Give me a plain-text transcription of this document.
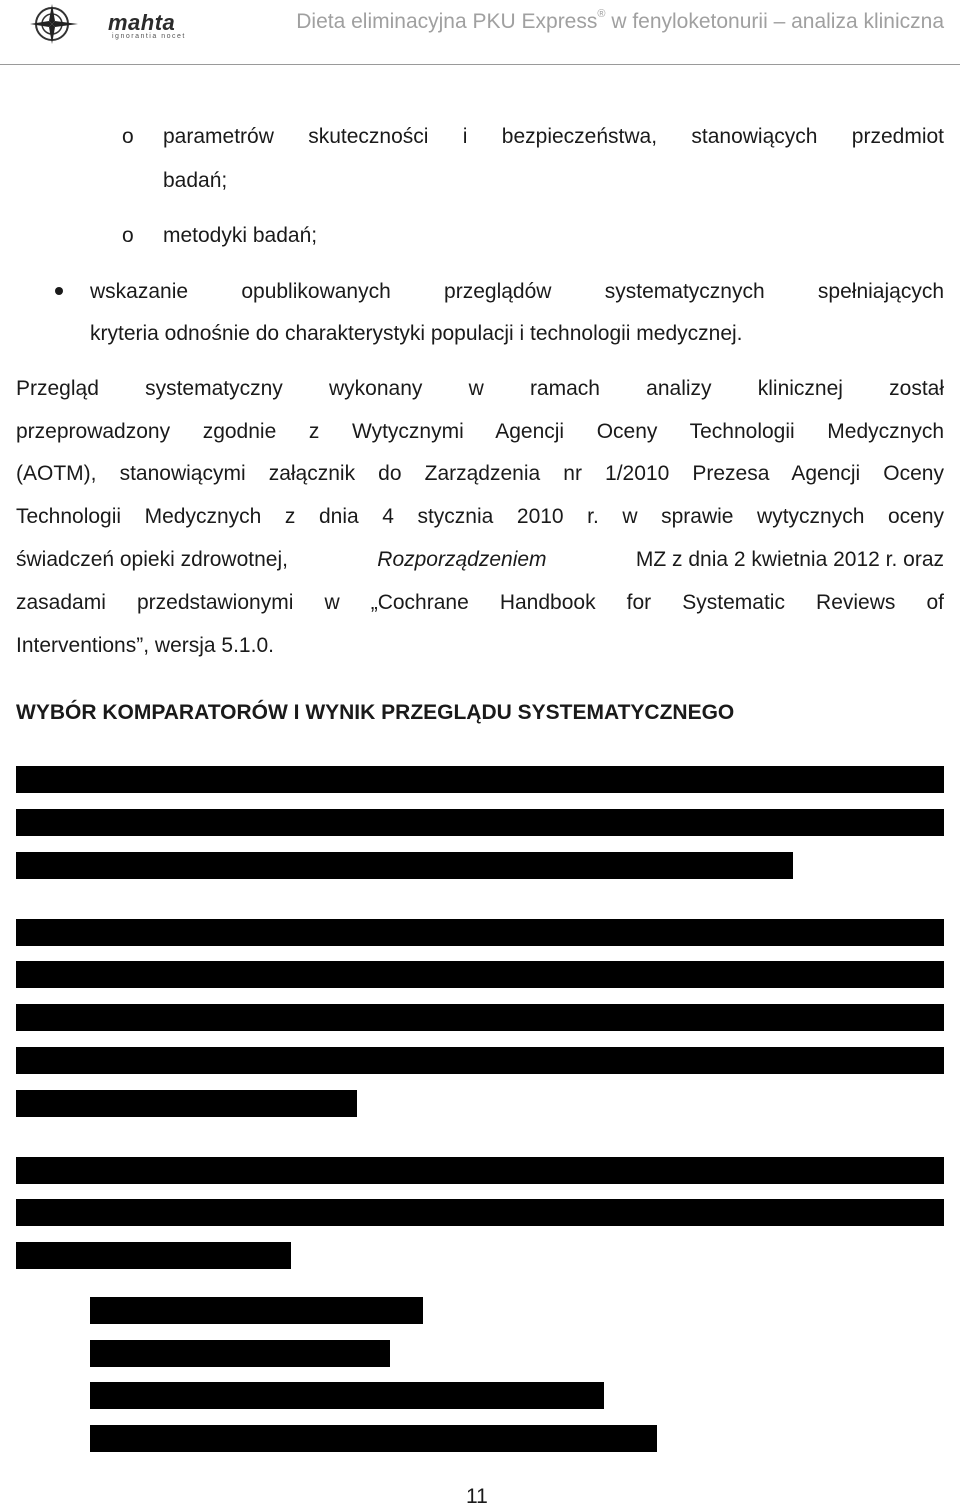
mahta
ignorantia nocet
Dieta eliminacyjna PKU Express® w fenyloketonurii – analiza kliniczna
o parametrów skuteczności i bezpieczeństwa, stanowiących przedmiot
badań;
o metodyki badań;
wskazanie opublikowanych przeglądów systematycznych spełniających
kryteria odnośnie do charakterystyki populacji i technologii medycznej.
Przegląd systematyczny wykonany w ramach analizy klinicznej został
przeprowadzony zgodnie z Wytycznymi Agencji Oceny Technologii Medycznych
(AOTM), stanowiącymi załącznik do Zarządzenia nr 1/2010 Prezesa Agencji Oceny
Technologii Medycznych z dnia 4 stycznia 2010 r. w sprawie wytycznych oceny
świadczeń opieki zdrowotnej,	Rozporządzeniem	MZ z dnia 2 kwietnia 2012 r. oraz
zasadami przedstawionymi w „Cochrane Handbook for Systematic Reviews of
Interventions”, wersja 5.1.0.
WYBÓR KOMPARATORÓW I WYNIK PRZEGLĄDU SYSTEMATYCZNEGO
11
